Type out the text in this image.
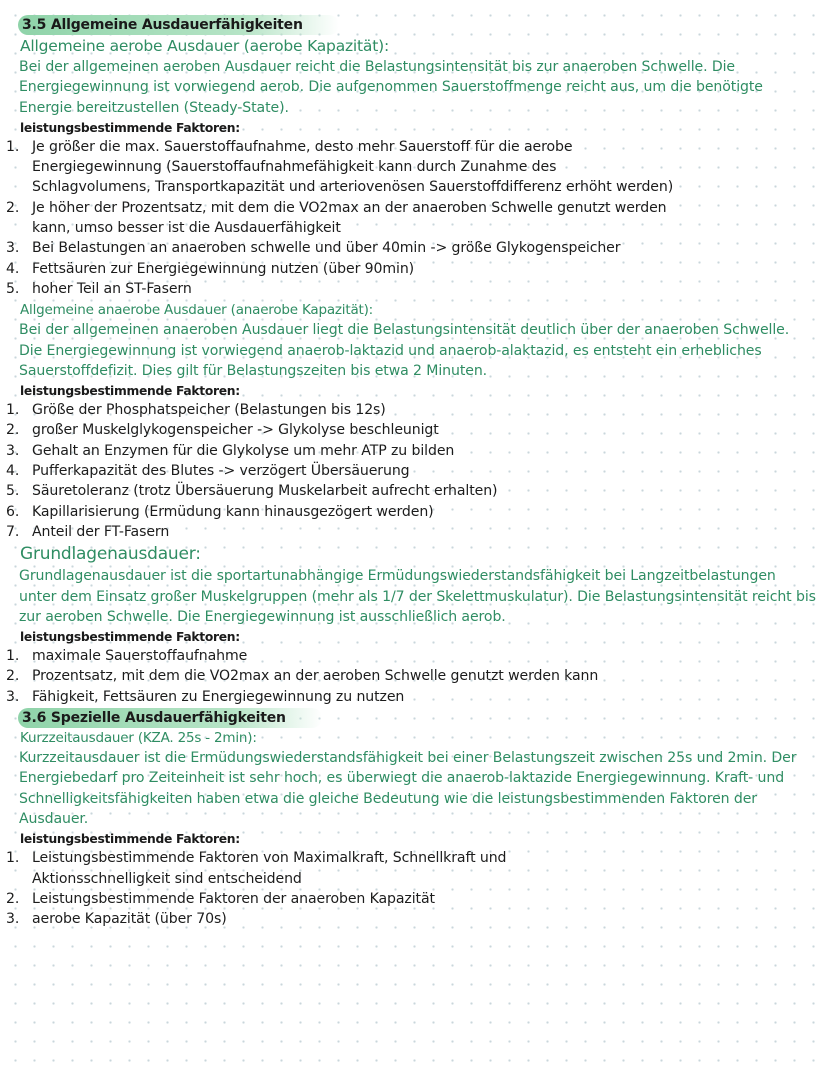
3.5 Allgemeine Ausdauerfähigkeiten
Allgemeine aerobe Ausdauer (aerobe Kapazität):
Bei der allgemeinen aeroben Ausdauer reicht die Belastungsintensität bis zur anaeroben Schwelle. Die Energiegewinnung ist vorwiegend aerob. Die aufgenommen Sauerstoffmenge reicht aus, um die benötigte Energie bereitzustellen (Steady-State).
leistungsbestimmende Faktoren:
1. Je größer die max. Sauerstoffaufnahme, desto mehr Sauerstoff für die aerobe Energiegewinnung (Sauerstoffaufnahmefähigkeit kann durch Zunahme des Schlagvolumens, Transportkapazität und arteriovenösen Sauerstoffdifferenz erhöht werden)
2. Je höher der Prozentsatz, mit dem die VO2max an der anaeroben Schwelle genutzt werden kann, umso besser ist die Ausdauerfähigkeit
3. Bei Belastungen an anaeroben schwelle und über 40min -> größe Glykogenspeicher
4. Fettsäuren zur Energiegewinnung nutzen (über 90min)
5. hoher Teil an ST-Fasern
Allgemeine anaerobe Ausdauer (anaerobe Kapazität):
Bei der allgemeinen anaeroben Ausdauer liegt die Belastungsintensität deutlich über der anaeroben Schwelle. Die Energiegewinnung ist vorwiegend anaerob-laktazid und anaerob-alaktazid, es entsteht ein erhebliches Sauerstoffdefizit. Dies gilt für Belastungszeiten bis etwa 2 Minuten.
leistungsbestimmende Faktoren:
1. Größe der Phosphatspeicher (Belastungen bis 12s)
2. großer Muskelglykogenspeicher -> Glykolyse beschleunigt
3. Gehalt an Enzymen für die Glykolyse um mehr ATP zu bilden
4. Pufferkapazität des Blutes -> verzögert Übersäuerung
5. Säuretoleranz (trotz Übersäuerung Muskelarbeit aufrecht erhalten)
6. Kapillarisierung (Ermüdung kann hinausgezögert werden)
7. Anteil der FT-Fasern
Grundlagenausdauer:
Grundlagenausdauer ist die sportartunabhängige Ermüdungswiederstandsfähigkeit bei Langzeitbelastungen unter dem Einsatz großer Muskelgruppen (mehr als 1/7 der Skelettmuskulatur). Die Belastungsintensität reicht bis zur aeroben Schwelle. Die Energiegewinnung ist ausschließlich aerob.
leistungsbestimmende Faktoren:
1. maximale Sauerstoffaufnahme
2. Prozentsatz, mit dem die VO2max an der aeroben Schwelle genutzt werden kann
3. Fähigkeit, Fettsäuren zu Energiegewinnung zu nutzen
3.6 Spezielle Ausdauerfähigkeiten
Kurzzeitausdauer (KZA. 25s - 2min):
Kurzzeitausdauer ist die Ermüdungswiederstandsfähigkeit bei einer Belastungszeit zwischen 25s und 2min. Der Energiebedarf pro Zeiteinheit ist sehr hoch, es überwiegt die anaerob-laktazide Energiegewinnung. Kraft- und Schnelligkeitsfähigkeiten haben etwa die gleiche Bedeutung wie die leistungsbestimmenden Faktoren der Ausdauer.
leistungsbestimmende Faktoren:
1. Leistungsbestimmende Faktoren von Maximalkraft, Schnellkraft und Aktionsschnelligkeit sind entscheidend
2. Leistungsbestimmende Faktoren der anaeroben Kapazität
3. aerobe Kapazität (über 70s)
